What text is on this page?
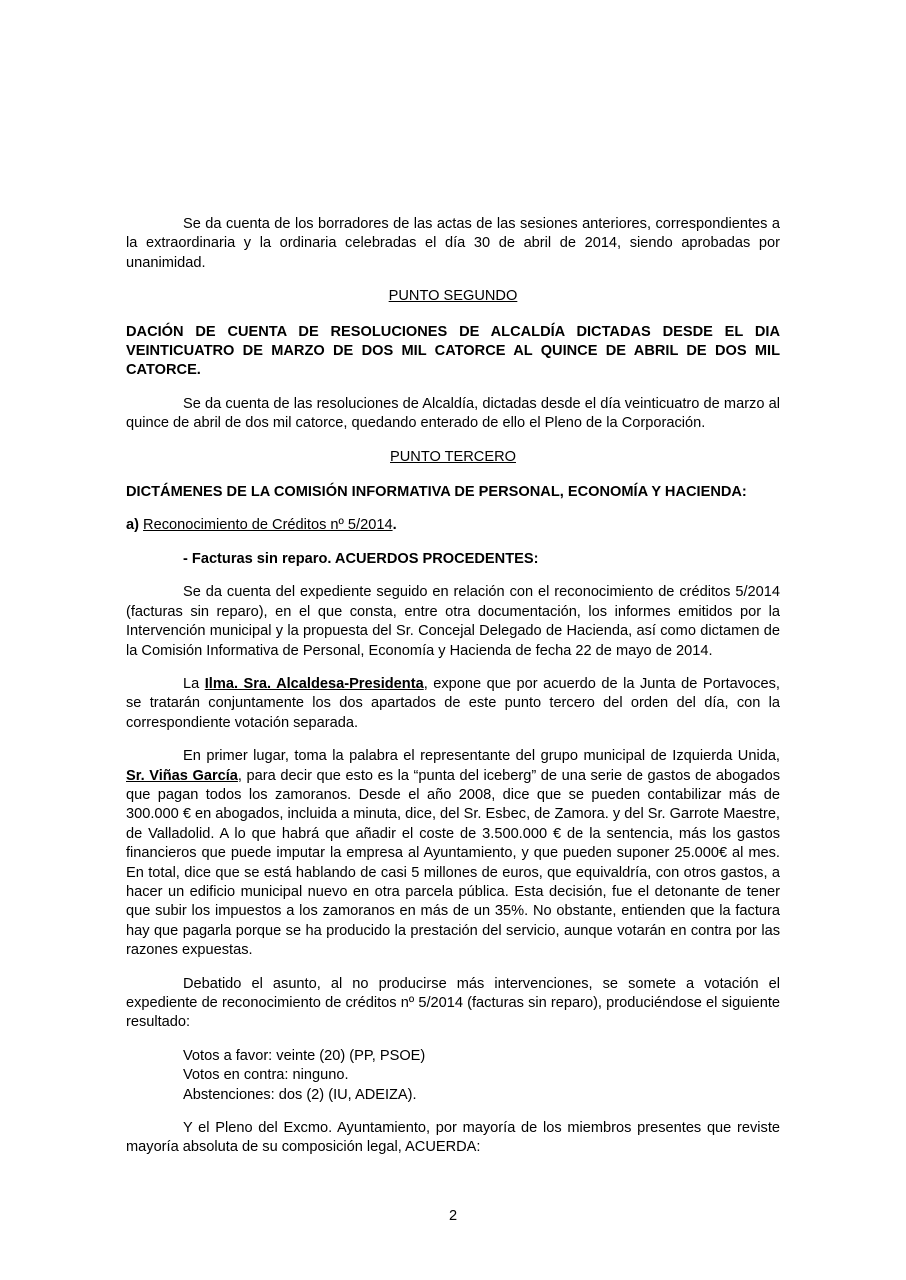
Se da cuenta de los borradores de las actas de las sesiones anteriores, correspondientes a la extraordinaria y la ordinaria celebradas el día 30 de abril de 2014, siendo aprobadas por unanimidad.

PUNTO SEGUNDO

DACIÓN DE CUENTA DE RESOLUCIONES DE ALCALDÍA DICTADAS DESDE EL DIA VEINTICUATRO DE MARZO DE DOS MIL CATORCE AL QUINCE DE ABRIL DE DOS MIL CATORCE.

Se da cuenta de las resoluciones de Alcaldía, dictadas desde el día veinticuatro de marzo al quince de abril de dos mil catorce, quedando enterado de ello el Pleno de la Corporación.

PUNTO TERCERO

DICTÁMENES DE LA COMISIÓN INFORMATIVA DE PERSONAL, ECONOMÍA Y HACIENDA:

a) Reconocimiento de Créditos nº 5/2014.

- Facturas sin reparo. ACUERDOS PROCEDENTES:

Se da cuenta del expediente seguido en relación con el reconocimiento de créditos 5/2014 (facturas sin reparo), en el que consta, entre otra documentación, los informes emitidos por la Intervención municipal y la propuesta del Sr. Concejal Delegado de Hacienda, así como dictamen de la Comisión Informativa de Personal, Economía y Hacienda de fecha 22 de mayo de 2014.

La Ilma. Sra. Alcaldesa-Presidenta, expone que por acuerdo de la Junta de Portavoces, se tratarán conjuntamente los dos apartados de este punto tercero del orden del día, con la correspondiente votación separada.

En primer lugar, toma la palabra el representante del grupo municipal de Izquierda Unida, Sr. Viñas García, para decir que esto es la “punta del iceberg” de una serie de gastos de abogados que pagan todos los zamoranos. Desde el año 2008, dice que se pueden contabilizar más de 300.000 € en abogados, incluida a minuta, dice, del Sr. Esbec, de Zamora. y del Sr. Garrote Maestre, de Valladolid. A lo que habrá que añadir el coste de 3.500.000 € de la sentencia, más los gastos financieros que puede imputar la empresa al Ayuntamiento, y que pueden suponer 25.000€ al mes. En total, dice que se está hablando de casi 5 millones de euros, que equivaldría, con otros gastos, a hacer un edificio municipal nuevo en otra parcela pública. Esta decisión, fue el detonante de tener que subir los impuestos a los zamoranos en más de un 35%. No obstante, entienden que la factura hay que pagarla porque se ha producido la prestación del servicio, aunque votarán en contra por las razones expuestas.

Debatido el asunto, al no producirse más intervenciones, se somete a votación el expediente de reconocimiento de créditos nº 5/2014 (facturas sin reparo), produciéndose el siguiente resultado:

Votos a favor: veinte (20) (PP, PSOE)
Votos en contra: ninguno.
Abstenciones: dos (2) (IU, ADEIZA).

Y el Pleno del Excmo. Ayuntamiento, por mayoría de los miembros presentes que reviste mayoría absoluta de su composición legal, ACUERDA:

2
